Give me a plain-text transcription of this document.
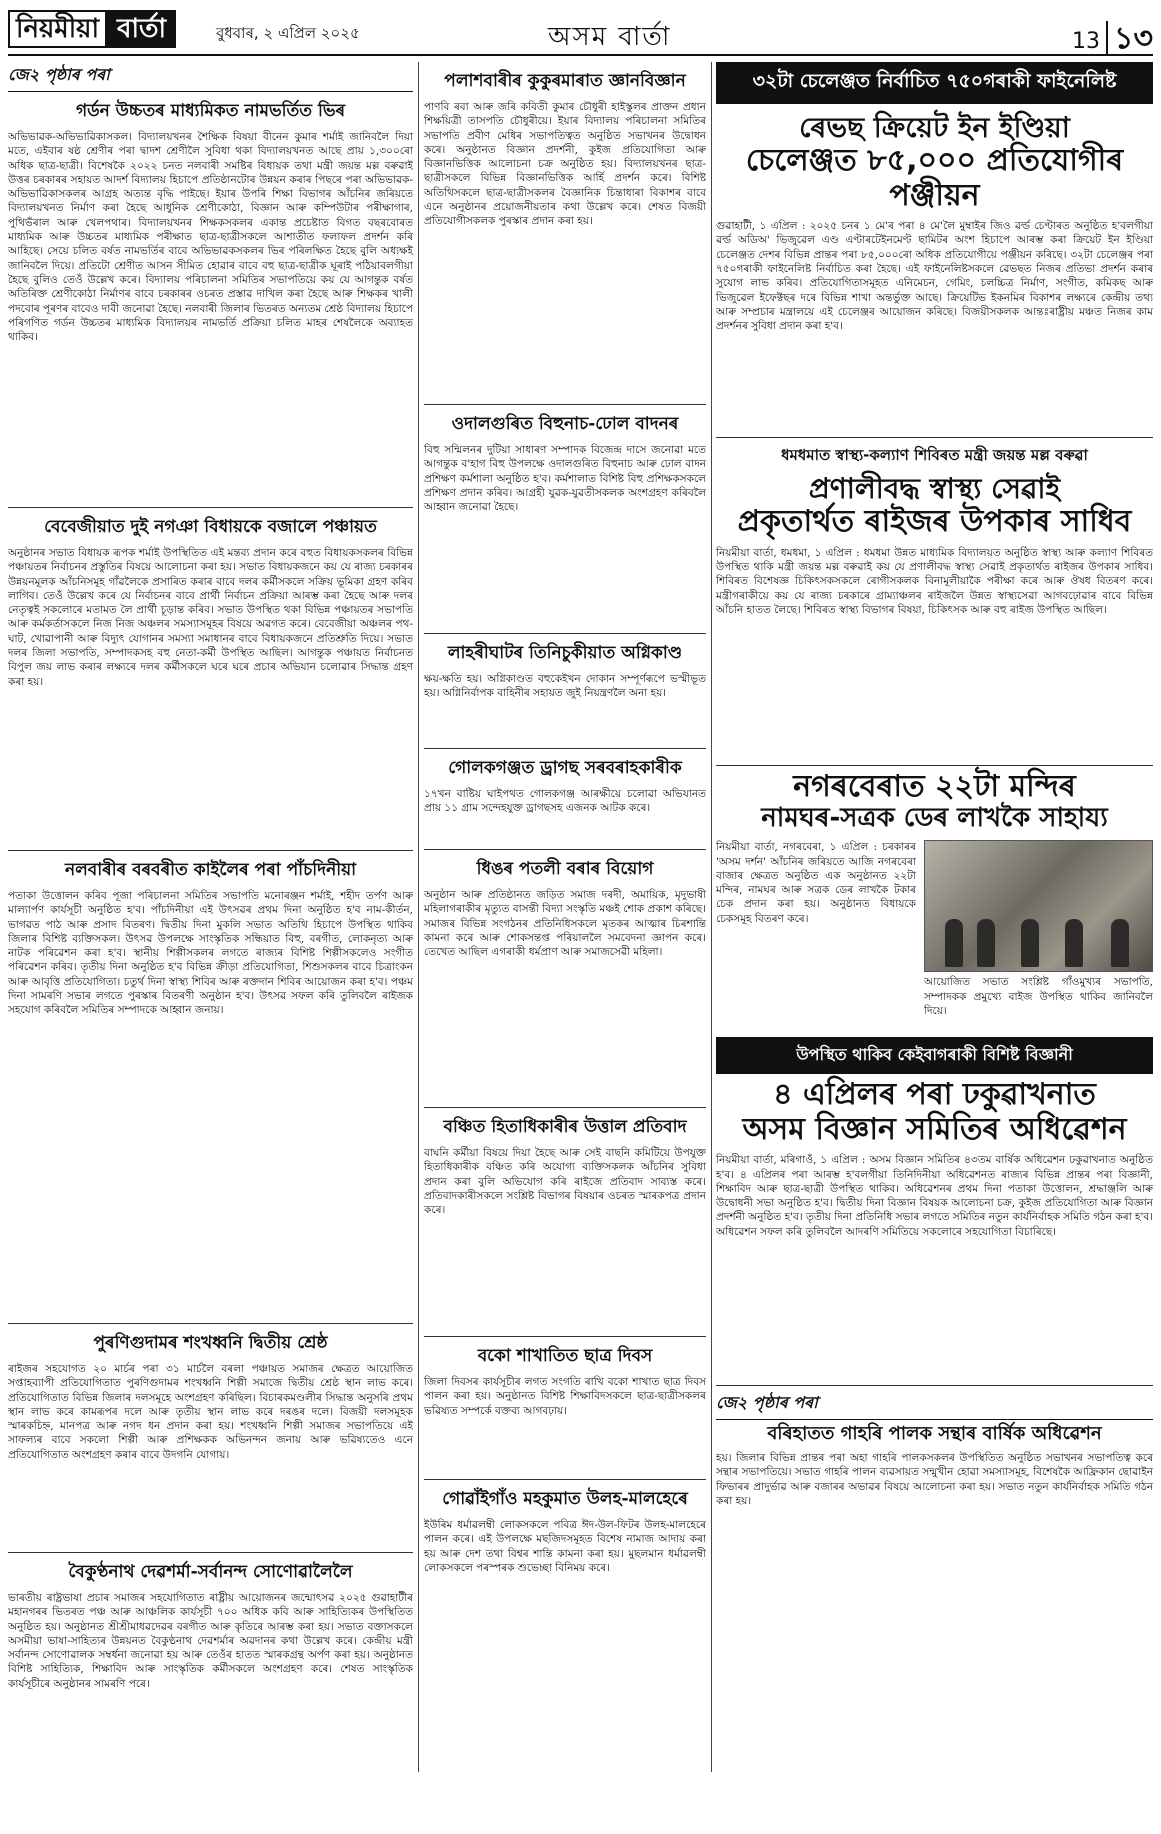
নিয়মীয়া বাৰ্তা	বুধবাৰ, ২ এপ্ৰিল ২০২৫	অসম বাৰ্তা	13 ১৩
জে২ পৃষ্ঠাৰ পৰা
গৰ্ডন উচ্চতৰ মাধ্যমিকত নামভৰ্তিত ভিৰ
অভিভাৱক-অভিভাৱিকাসকল। বিদ্যালয়খনৰ শৈক্ষিক বিষয়া বীনেন কুমাৰ শৰ্মাই জানিবলৈ দিয়া মতে, এইবাৰ ষষ্ঠ শ্ৰেণীৰ পৰা দ্বাদশ শ্ৰেণীলৈ সুবিধা থকা বিদ্যালয়খনত আছে প্ৰায় ১,৩০০ৰো অধিক ছাত্ৰ-ছাত্ৰী। বিশেষকৈ ২০২২ চনত নলবাৰী সমষ্টিৰ বিধায়ক তথা মন্ত্ৰী জয়ন্ত মল্ল বৰুৱাই উত্তৰ চৰকাৰৰ সহায়ত আদৰ্শ বিদ্যালয় হিচাপে প্ৰতিষ্ঠানটোৰ উন্নয়ন কৰাৰ পিছৰে পৰা অভিভাৱক-অভিভাৱিকাসকলৰ আগ্ৰহ অত্যন্ত বৃদ্ধি পাইছে। ইয়াৰ উপৰি শিক্ষা বিভাগৰ আঁচনিৰ জৰিয়তে বিদ্যালয়খনত নিৰ্মাণ কৰা হৈছে আধুনিক শ্ৰেণীকোঠা, বিজ্ঞান আৰু কম্পিউটাৰ পৰীক্ষাগাৰ, পুথিভঁৰাল আৰু খেলপথাৰ। বিদ্যালয়খনৰ শিক্ষকসকলৰ একান্ত প্ৰচেষ্টাত বিগত বছৰবোৰত মাধ্যমিক আৰু উচ্চতৰ মাধ্যমিক পৰীক্ষাত ছাত্ৰ-ছাত্ৰীসকলে আশাতীত ফলাফল প্ৰদৰ্শন কৰি আহিছে। সেয়ে চলিত বৰ্ষত নামভৰ্তিৰ বাবে অভিভাৱকসকলৰ ভিৰ পৰিলক্ষিত হৈছে বুলি অধ্যক্ষই জানিবলৈ দিয়ে। প্ৰতিটো শ্ৰেণীত আসন সীমিত হোৱাৰ বাবে বহু ছাত্ৰ-ছাত্ৰীক ঘূৰাই পঠিয়াবলগীয়া হৈছে বুলিও তেওঁ উল্লেখ কৰে। বিদ্যালয় পৰিচালনা সমিতিৰ সভাপতিয়ে কয় যে আগন্তুক বৰ্ষত অতিৰিক্ত শ্ৰেণীকোঠা নিৰ্মাণৰ বাবে চৰকাৰৰ ওচৰত প্ৰস্তাৱ দাখিল কৰা হৈছে আৰু শিক্ষকৰ খালী পদবোৰ পূৰণৰ বাবেও দাবী জনোৱা হৈছে। নলবাৰী জিলাৰ ভিতৰত অন্যতম শ্ৰেষ্ঠ বিদ্যালয় হিচাপে পৰিগণিত গৰ্ডন উচ্চতৰ মাধ্যমিক বিদ্যালয়ৰ নামভৰ্তি প্ৰক্ৰিয়া চলিত মাহৰ শেষলৈকে অব্যাহত থাকিব।
বেবেজীয়াত দুই নগঞা বিধায়কে বজালে পঞ্চায়ত
অনুষ্ঠানৰ সভাত বিধায়ক ৰূপক শৰ্মাই উপস্থিতিত এই মন্তব্য প্ৰদান কৰে বহুত বিধায়কসকলৰ বিভিন্ন পঞ্চায়তৰ নিৰ্বাচনৰ প্ৰস্তুতিৰ বিষয়ে আলোচনা কৰা হয়। সভাত বিধায়কজনে কয় যে ৰাজ্য চৰকাৰৰ উন্নয়নমূলক আঁচনিসমূহ গাঁৱলৈকে প্ৰসাৰিত কৰাৰ বাবে দলৰ কৰ্মীসকলে সক্ৰিয় ভূমিকা গ্ৰহণ কৰিব লাগিব। তেওঁ উল্লেখ কৰে যে নিৰ্বাচনৰ বাবে প্ৰাৰ্থী নিৰ্বাচন প্ৰক্ৰিয়া আৰম্ভ কৰা হৈছে আৰু দলৰ নেতৃত্বই সকলোৰে মতামত লৈ প্ৰাৰ্থী চূড়ান্ত কৰিব। সভাত উপস্থিত থকা বিভিন্ন পঞ্চায়তৰ সভাপতি আৰু কৰ্মকৰ্তাসকলে নিজ নিজ অঞ্চলৰ সমস্যাসমূহৰ বিষয়ে অৱগত কৰে। বেবেজীয়া অঞ্চলৰ পথ-ঘাট, খোৱাপানী আৰু বিদ্যুৎ যোগানৰ সমস্যা সমাধানৰ বাবে বিধায়কজনে প্ৰতিশ্ৰুতি দিয়ে। সভাত দলৰ জিলা সভাপতি, সম্পাদকসহ বহু নেতা-কৰ্মী উপস্থিত আছিল। আগন্তুক পঞ্চায়ত নিৰ্বাচনত বিপুল জয় লাভ কৰাৰ লক্ষ্যৰে দলৰ কৰ্মীসকলে ঘৰে ঘৰে প্ৰচাৰ অভিযান চলোৱাৰ সিদ্ধান্ত গ্ৰহণ কৰা হয়।
নলবাৰীৰ বৰবৰীত কাইলৈৰ পৰা পাঁচদিনীয়া
পতাকা উত্তোলন কৰিব পূজা পৰিচালনা সমিতিৰ সভাপতি মনোৰঞ্জন শৰ্মাই, শহীদ তৰ্পণ আৰু মাল্যাৰ্পণ কাৰ্যসূচী অনুষ্ঠিত হ'ব। পাঁচদিনীয়া এই উৎসৱৰ প্ৰথম দিনা অনুষ্ঠিত হ'ব নাম-কীৰ্তন, ভাগৱত পাঠ আৰু প্ৰসাদ বিতৰণ। দ্বিতীয় দিনা মুকলি সভাত অতিথি হিচাপে উপস্থিত থাকিব জিলাৰ বিশিষ্ট ব্যক্তিসকল। উৎসৱ উপলক্ষে সাংস্কৃতিক সন্ধিয়াত বিহু, বৰগীত, লোকনৃত্য আৰু নাটক পৰিৱেশন কৰা হ'ব। স্থানীয় শিল্পীসকলৰ লগতে ৰাজ্যৰ বিশিষ্ট শিল্পীসকলেও সংগীত পৰিৱেশন কৰিব। তৃতীয় দিনা অনুষ্ঠিত হ'ব বিভিন্ন ক্ৰীড়া প্ৰতিযোগিতা, শিশুসকলৰ বাবে চিত্ৰাংকন আৰু আবৃত্তি প্ৰতিযোগিতা। চতুৰ্থ দিনা স্বাস্থ্য শিবিৰ আৰু ৰক্তদান শিবিৰ আয়োজন কৰা হ'ব। পঞ্চম দিনা সামৰণি সভাৰ লগতে পুৰস্কাৰ বিতৰণী অনুষ্ঠান হ'ব। উৎসৱ সফল কৰি তুলিবলৈ ৰাইজক সহযোগ কৰিবলৈ সমিতিৰ সম্পাদকে আহ্বান জনায়।
পুৰণিগুদামৰ শংখধ্বনি দ্বিতীয় শ্ৰেষ্ঠ
ৰাইজৰ সহযোগত ২০ মাৰ্চৰ পৰা ৩১ মাৰ্চলৈ বৰলা পঞ্চায়ত সমাজৰ ক্ষেত্ৰত আয়োজিত সপ্তাহব্যাপী প্ৰতিযোগিতাত পুৰণিগুদামৰ শংখধ্বনি শিল্পী সমাজে দ্বিতীয় শ্ৰেষ্ঠ স্থান লাভ কৰে। প্ৰতিযোগিতাত বিভিন্ন জিলাৰ দলসমূহে অংশগ্ৰহণ কৰিছিল। বিচাৰকমণ্ডলীৰ সিদ্ধান্ত অনুসৰি প্ৰথম স্থান লাভ কৰে কামৰূপৰ দলে আৰু তৃতীয় স্থান লাভ কৰে দৰঙৰ দলে। বিজয়ী দলসমূহক স্মাৰকচিহ্ন, মানপত্ৰ আৰু নগদ ধন প্ৰদান কৰা হয়। শংখধ্বনি শিল্পী সমাজৰ সভাপতিয়ে এই সাফল্যৰ বাবে সকলো শিল্পী আৰু প্ৰশিক্ষকক অভিনন্দন জনায় আৰু ভৱিষ্যতেও এনে প্ৰতিযোগিতাত অংশগ্ৰহণ কৰাৰ বাবে উদগনি যোগায়।
বৈকুণ্ঠনাথ দেৱশৰ্মা-সৰ্বানন্দ সোণোৱালৈলৈ
ভাৰতীয় ৰাষ্ট্ৰভাষা প্ৰচাৰ সমাজৰ সহযোগিতাত ৰাষ্ট্ৰীয় আয়োজনৰ জন্মোৎসৱ ২০২৫ গুৱাহাটীৰ মহানগৰৰ ভিতৰত পঞ্চ আৰু আঞ্চলিক কাৰ্যসূচী ৭০০ অধিক কবি আৰু সাহিত্যিকৰ উপস্থিতিত অনুষ্ঠিত হয়। অনুষ্ঠানত শ্ৰীশ্ৰীমাধৱদেৱৰ বৰগীত আৰু কৃতিৰে আৰম্ভ কৰা হয়। সভাত বক্তাসকলে অসমীয়া ভাষা-সাহিত্যৰ উন্নয়নত বৈকুণ্ঠনাথ দেৱশৰ্মাৰ অৱদানৰ কথা উল্লেখ কৰে। কেন্দ্ৰীয় মন্ত্ৰী সৰ্বানন্দ সোণোৱালক সম্বৰ্ধনা জনোৱা হয় আৰু তেওঁৰ হাতত স্মাৰকগ্ৰন্থ অৰ্পণ কৰা হয়। অনুষ্ঠানত বিশিষ্ট সাহিত্যিক, শিক্ষাবিদ আৰু সাংস্কৃতিক কৰ্মীসকলে অংশগ্ৰহণ কৰে। শেষত সাংস্কৃতিক কাৰ্যসূচীৰে অনুষ্ঠানৰ সামৰণি পৰে।
পলাশবাৰীৰ কুকুৰমাৰাত জ্ঞানবিজ্ঞান
পাণবি ৰবা আৰু জৰি কবিতী কুমাৰ চৌধুৰী হাইস্কুলৰ প্ৰাক্তন প্ৰধান শিক্ষয়িত্ৰী তাসপতি চৌধুৰীয়ে। ইয়াৰ বিদ্যালয় পৰিচালনা সমিতিৰ সভাপতি প্ৰবীণ মেধিৰ সভাপতিত্বত অনুষ্ঠিত সভাখনৰ উদ্বোধন কৰে। অনুষ্ঠানত বিজ্ঞান প্ৰদৰ্শনী, কুইজ প্ৰতিযোগিতা আৰু বিজ্ঞানভিত্তিক আলোচনা চক্ৰ অনুষ্ঠিত হয়। বিদ্যালয়খনৰ ছাত্ৰ-ছাত্ৰীসকলে বিভিন্ন বিজ্ঞানভিত্তিক আৰ্হি প্ৰদৰ্শন কৰে। বিশিষ্ট অতিথিসকলে ছাত্ৰ-ছাত্ৰীসকলৰ বৈজ্ঞানিক চিন্তাধাৰা বিকাশৰ বাবে এনে অনুষ্ঠানৰ প্ৰয়োজনীয়তাৰ কথা উল্লেখ কৰে। শেষত বিজয়ী প্ৰতিযোগীসকলক পুৰস্কাৰ প্ৰদান কৰা হয়।
ওদালগুৰিত বিহুনাচ-ঢোল বাদনৰ
বিহু সন্মিলনৰ দুটিয়া সাধাৰণ সম্পাদক বিজেন্দ্ৰ দাসে জনোৱা মতে আগন্তুক ব'হাগ বিহু উপলক্ষে ওদালগুৰিত বিহুনাচ আৰু ঢোল বাদন প্ৰশিক্ষণ কৰ্মশালা অনুষ্ঠিত হ'ব। কৰ্মশালাত বিশিষ্ট বিহু প্ৰশিক্ষকসকলে প্ৰশিক্ষণ প্ৰদান কৰিব। আগ্ৰহী যুৱক-যুৱতীসকলক অংশগ্ৰহণ কৰিবলৈ আহ্বান জনোৱা হৈছে।
লাহৰীঘাটৰ তিনিচুকীয়াত অগ্নিকাণ্ড
ক্ষয়-ক্ষতি হয়। অগ্নিকাণ্ডত বহুকেইখন দোকান সম্পূৰ্ণৰূপে ভস্মীভূত হয়। অগ্নিনিৰ্বাপক বাহিনীৰ সহায়ত জুই নিয়ন্ত্ৰণলৈ অনা হয়।
গোলকগঞ্জত ড্ৰাগছ সৰবৰাহকাৰীক
১৭খন বাষ্টিয় ঘাইপথত গোলকগঞ্জ আৰক্ষীয়ে চলোৱা অভিযানত প্ৰায় ১১ গ্ৰাম সন্দেহযুক্ত ড্ৰাগছসহ এজনক আটক কৰে।
ধিঙৰ পতলী বৰাৰ বিয়োগ
অনুষ্ঠান আৰু প্ৰতিষ্ঠানত জড়িত সমাজ দৰদী, অমায়িক, মৃদুভাষী মহিলাগৰাকীৰ মৃত্যুত বাসন্তী বিদ্যা সংস্কৃতি মঞ্চই শোক প্ৰকাশ কৰিছে। সমাজৰ বিভিন্ন সংগঠনৰ প্ৰতিনিধিসকলে মৃতকৰ আত্মাৰ চিৰশান্তি কামনা কৰে আৰু শোকসন্তপ্ত পৰিয়াললৈ সমবেদনা জ্ঞাপন কৰে। তেখেত আছিল এগৰাকী ধৰ্মপ্ৰাণ আৰু সমাজসেৱী মহিলা।
বঞ্চিত হিতাধিকাৰীৰ উত্তাল প্ৰতিবাদ
বাঘনি কৰ্মীয়া বিষয়ে দিয়া হৈছে আৰু সেই বাছনি কমিটিয়ে উপযুক্ত হিতাধিকাৰীক বঞ্চিত কৰি অযোগ্য ব্যক্তিসকলক আঁচনিৰ সুবিধা প্ৰদান কৰা বুলি অভিযোগ কৰি ৰাইজে প্ৰতিবাদ সাব্যস্ত কৰে। প্ৰতিবাদকাৰীসকলে সংশ্লিষ্ট বিভাগৰ বিষয়াৰ ওচৰত স্মাৰকপত্ৰ প্ৰদান কৰে।
বকো শাখাতিত ছাত্ৰ দিবস
জিলা দিবসৰ কাৰ্যসূচীৰ লগত সংগতি ৰাখি বকো শাখাত ছাত্ৰ দিবস পালন কৰা হয়। অনুষ্ঠানত বিশিষ্ট শিক্ষাবিদসকলে ছাত্ৰ-ছাত্ৰীসকলৰ ভৱিষ্যত সম্পৰ্কে বক্তব্য আগবঢ়ায়।
গোৱাঁইগাঁও মহকুমাত উলহ-মালহেৰে
ইউৰিম ধৰ্মাৱলম্বী লোকসকলে পবিত্ৰ ঈদ-উল-ফিটৰ উলহ-মালহেৰে পালন কৰে। এই উপলক্ষে মছজিদসমূহত বিশেষ নামাজ আদায় কৰা হয় আৰু দেশ তথা বিশ্বৰ শান্তি কামনা কৰা হয়। মুছলমান ধৰ্মাৱলম্বী লোকসকলে পৰস্পৰক শুভেচ্ছা বিনিময় কৰে।
৩২টা চেলেঞ্জত নিৰ্বাচিত ৭৫০গৰাকী ফাইনেলিষ্ট
ৰেভছ ক্ৰিয়েট ইন ইণ্ডিয়া
চেলেঞ্জত ৮৫,০০০ প্ৰতিযোগীৰ পঞ্জীয়ন
গুৱাহাটী, ১ এপ্ৰিল : ২০২৫ চনৰ ১ মে'ৰ পৰা ৪ মে'লৈ মুম্বাইৰ জিও ৱৰ্ল্ড চেণ্টাৰত অনুষ্ঠিত হ'বলগীয়া ৱৰ্ল্ড অডিঅ' ভিজুৱেল এণ্ড এণ্টাৰটেইনমেণ্ট ছামিটৰ অংশ হিচাপে আৰম্ভ কৰা ক্ৰিয়েট ইন ইণ্ডিয়া চেলেঞ্জত দেশৰ বিভিন্ন প্ৰান্তৰ পৰা ৮৫,০০০ৰো অধিক প্ৰতিযোগীয়ে পঞ্জীয়ন কৰিছে। ৩২টা চেলেঞ্জৰ পৰা ৭৫০গৰাকী ফাইনেলিষ্ট নিৰ্বাচিত কৰা হৈছে। এই ফাইনেলিষ্টসকলে ৱেভছত নিজৰ প্ৰতিভা প্ৰদৰ্শন কৰাৰ সুযোগ লাভ কৰিব। প্ৰতিযোগিতাসমূহত এনিমেচন, গেমিং, চলচ্চিত্ৰ নিৰ্মাণ, সংগীত, কমিকছ আৰু ভিজুৱেল ইফেক্টছৰ দৰে বিভিন্ন শাখা অন্তৰ্ভুক্ত আছে। ক্ৰিয়েটিভ ইকনমিৰ বিকাশৰ লক্ষ্যৰে কেন্দ্ৰীয় তথ্য আৰু সম্প্ৰচাৰ মন্ত্ৰালয়ে এই চেলেঞ্জৰ আয়োজন কৰিছে। বিজয়ীসকলক আন্তঃৰাষ্ট্ৰীয় মঞ্চত নিজৰ কাম প্ৰদৰ্শনৰ সুবিধা প্ৰদান কৰা হ'ব।
ধমধমাত স্বাস্থ্য-কল্যাণ শিবিৰত মন্ত্ৰী জয়ন্ত মল্ল বৰুৱা
প্ৰণালীবদ্ধ স্বাস্থ্য সেৱাই
প্ৰকৃতাৰ্থত ৰাইজৰ উপকাৰ সাধিব
নিয়মীয়া বাৰ্তা, ধমধমা, ১ এপ্ৰিল : ধমধমা উন্নত মাধ্যমিক বিদ্যালয়ত অনুষ্ঠিত স্বাস্থ্য আৰু কল্যাণ শিবিৰত উপস্থিত থাকি মন্ত্ৰী জয়ন্ত মল্ল বৰুৱাই কয় যে প্ৰণালীবদ্ধ স্বাস্থ্য সেৱাই প্ৰকৃতাৰ্থত ৰাইজৰ উপকাৰ সাধিব। শিবিৰত বিশেষজ্ঞ চিকিৎসকসকলে ৰোগীসকলক বিনামূলীয়াকৈ পৰীক্ষা কৰে আৰু ঔষধ বিতৰণ কৰে। মন্ত্ৰীগৰাকীয়ে কয় যে ৰাজ্য চৰকাৰে গ্ৰাম্যাঞ্চলৰ ৰাইজলৈ উন্নত স্বাস্থ্যসেৱা আগবঢ়োৱাৰ বাবে বিভিন্ন আঁচনি হাতত লৈছে। শিবিৰত স্বাস্থ্য বিভাগৰ বিষয়া, চিকিৎসক আৰু বহু ৰাইজ উপস্থিত আছিল।
নগৰবেৰাত ২২টা মন্দিৰ
নামঘৰ-সত্ৰক ডেৰ লাখকৈ সাহায্য
নিয়মীয়া বাৰ্তা, নগৰবেৰা, ১ এপ্ৰিল : চৰকাৰৰ 'অসম দৰ্শন' আঁচনিৰ জৰিয়তে আজি নগৰবেৰা বাজাৰ ক্ষেত্ৰত অনুষ্ঠিত এক অনুষ্ঠানত ২২টা মন্দিৰ, নামঘৰ আৰু সত্ৰক ডেৰ লাখকৈ টকাৰ চেক প্ৰদান কৰা হয়। অনুষ্ঠানত বিধায়কে চেকসমূহ বিতৰণ কৰে।
আয়োজিত সভাত সংশ্লিষ্ট গাঁওমুখ্যৰ সভাপতি, সম্পাদকক প্ৰমুখ্যে বাইজ উপস্থিত থাকিব জানিবলৈ দিয়ে।
উপস্থিত থাকিব কেইবাগৰাকী বিশিষ্ট বিজ্ঞানী
৪ এপ্ৰিলৰ পৰা ঢকুৱাখনাত
অসম বিজ্ঞান সমিতিৰ অধিৱেশন
নিয়মীয়া বাৰ্তা, মৰিগাওঁ, ১ এপ্ৰিল : অসম বিজ্ঞান সমিতিৰ ৪৩তম বাৰ্ষিক অধিৱেশন ঢকুৱাখনাত অনুষ্ঠিত হ'ব। ৪ এপ্ৰিলৰ পৰা আৰম্ভ হ'বলগীয়া তিনিদিনীয়া অধিৱেশনত ৰাজ্যৰ বিভিন্ন প্ৰান্তৰ পৰা বিজ্ঞানী, শিক্ষাবিদ আৰু ছাত্ৰ-ছাত্ৰী উপস্থিত থাকিব। অধিৱেশনৰ প্ৰথম দিনা পতাকা উত্তোলন, শ্ৰদ্ধাঞ্জলি আৰু উদ্বোধনী সভা অনুষ্ঠিত হ'ব। দ্বিতীয় দিনা বিজ্ঞান বিষয়ক আলোচনা চক্ৰ, কুইজ প্ৰতিযোগিতা আৰু বিজ্ঞান প্ৰদৰ্শনী অনুষ্ঠিত হ'ব। তৃতীয় দিনা প্ৰতিনিধি সভাৰ লগতে সমিতিৰ নতুন কাৰ্যনিৰ্বাহক সমিতি গঠন কৰা হ'ব। অধিৱেশন সফল কৰি তুলিবলৈ আদৰণি সমিতিয়ে সকলোৰে সহযোগিতা বিচাৰিছে।
জে২ পৃষ্ঠাৰ পৰা
বৰিহাতত গাহৰি পালক সন্থাৰ বাৰ্ষিক অধিৱেশন
হয়। জিলাৰ বিভিন্ন প্ৰান্তৰ পৰা অহা গাহৰি পালকসকলৰ উপস্থিতিত অনুষ্ঠিত সভাখনৰ সভাপতিত্ব কৰে সন্থাৰ সভাপতিয়ে। সভাত গাহৰি পালন ব্যৱসায়ত সন্মুখীন হোৱা সমস্যাসমূহ, বিশেষকৈ আফ্ৰিকান ছোৱাইন ফিভাৰৰ প্ৰাদুৰ্ভাৱ আৰু বজাৰৰ অভাৱৰ বিষয়ে আলোচনা কৰা হয়। সভাত নতুন কাৰ্যনিৰ্বাহক সমিতি গঠন কৰা হয়।
